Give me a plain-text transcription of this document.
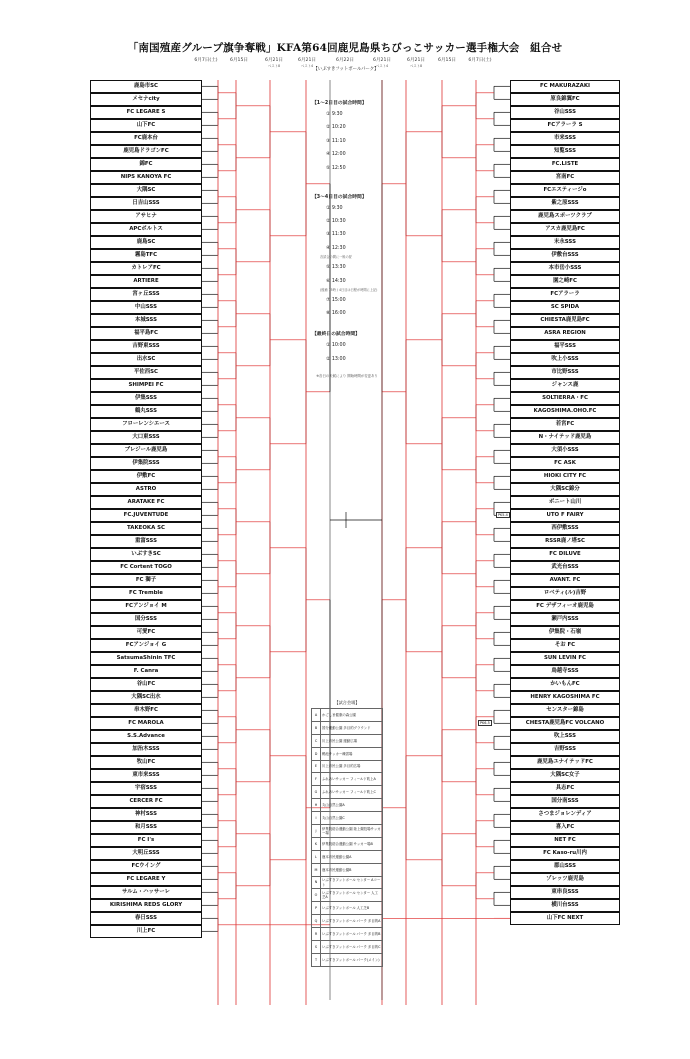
「南国殖産グループ旗争奪戦」KFA第64回鹿児島県ちびっこサッカー選手権大会　組合せ
6月7日(土)	6月15日	6月21日
ベスト8
6月21日
ベスト4
6月22日	6月21日
ベスト4
6月21日
ベスト8
6月15日	6月7日(土)
【いぶすきフットボールパーク】
鹿島市SC
メセナcity
FC LEGARE S
山下FC
FC鹿本台
鹿児島ドラゴンFC
錦FC
NIPS KANOYA FC
大隅SC
日吉山SSS
アサヒナ
APCボルトス
鹿島SC
霧島TFC
カトレアFC
ARTIERE
宮ヶ丘SSS
中山SSS
本城SSS
福平島FC
吉野東SSS
出水SC
平佐西SC
SHIMPEI FC
伊集SSS
鶴丸SSS
フローレンシエース
大口東SSS
ブレジール鹿児島
伊集院SSS
伊敷FC
ASTRO
ARATAKE FC
FC.JUVENTUDE
TAKEOKA SC
重富SSS
いぶすきSC
FC Cortent TOGO
FC 獅子
FC Tremble
FCアンジョイ M
国分SSS
可愛FC
FCアンジョイ G
SatsumaShinin TFC
F. Canra
谷山FC
大隅SC出水
串木野FC
FC MAROLA
S.S.Advance
加治木SSS
牧山FC
東市来SSS
宇宿SSS
CERCER FC
神村SSS
和月SSS
FC I's
大明丘SSS
FCウイング
FC LEGARE Y
サルム・ハッサーレ
KIRISHIMA REDS GLORY
春日SSS
川上FC
FC MAKURAZAKI
原良錦翼FC
谷山SSS
FCアラーラ S
市来SSS
知覧SSS
FC.LISTE
宮南FC
FCエスティージo
紫之原SSS
鹿児島スポーツクラブ
アスカ鹿児島FC
末永SSS
伊敷台SSS
本市岳小SSS
園之崎FC
FCアラーラ
SC SPIDA
CHIESTA鹿児島FC
ASRA REGION
福平SSS
吹上小SSS
市比野SSS
ジャンス鹿
SOLTIERRA・FC
KAGOSHIMA.OHO.FC
若宮FC
N・ナイテッド鹿児島
大須小SSS
FC ASK
HIOKI CITY FC
大隅SC錦分
ボニート山川
UTO F FAIRY
西伊敷SSS
RSSR鹿ノ塔SC
FC DILUVE
武光台SSS
AVANT. FC
ロベティ(ル)吉野
FC デザフィーオ鹿児島
瀬戸内SSS
伊集院・石嶺
そお FC
SUN LEVIN FC
鳥越寺SSS
かいもんFC
HENRY KAGOSHIMA FC
センスター錦島
CHESTA鹿児島FC VOLCANO
吹上SSS
吉野SSS
鹿児島ユナイテッドFC
大隅SC女子
具志FC
国分南SSS
さつまジョレンディア
喜入FC
NET FC
FC Kaso-ru川内
郡山SSS
ゾレッツ鹿児島
東串良SSS
横川台SSS
山下FC NEXT
【1〜2日目の試合時間】
① 9:30
② 10:20
③ 11:10
④ 12:00
⑤ 12:50
【3〜4日目の試合時間】
① 9:30
② 10:30
③ 11:30
④ 12:30
各試合の間に一般の昼
⑤ 13:30
⑥ 14:30
(後補 15時 / 4日目は日程が時間に上記)
⑦ 15:00
⑧ 16:00
【最終日の試合時間】
① 10:00
② 13:00
※各日の天候により 開始時間が変更あり
【試合会場】
A	かごしま健康の森公園
B	国分運動公園 多目的グラウンド
C	川上市民公園 運動広場
D	鴨池サッカー練習場
E	川上市民公園 多目的広場
F	ふれあいサッカー フィールド吹上A
G	ふれあいサッカー フィールド吹上C
H	丸山自然公園A
I	丸山自然公園C
J	伊集院総合運動公園 陸上競技場サッカー場
K	伊集院総合運動公園 サッカー場B
L	鹿本市民運動公園A
M	鹿本市民運動公園B
N	いぶすきフットボール センター Aコート
O	いぶすきフットボール センター 人工芝A
P	いぶすきフットボール 人工芝B
Q	いぶすきフットボール パーク 多目的A
R	いぶすきフットボール パーク 多目的B
S	いぶすきフットボール パーク 多目的C
T	いぶすきフットボール パーク(メイン)
PK5-4
PK6-5
